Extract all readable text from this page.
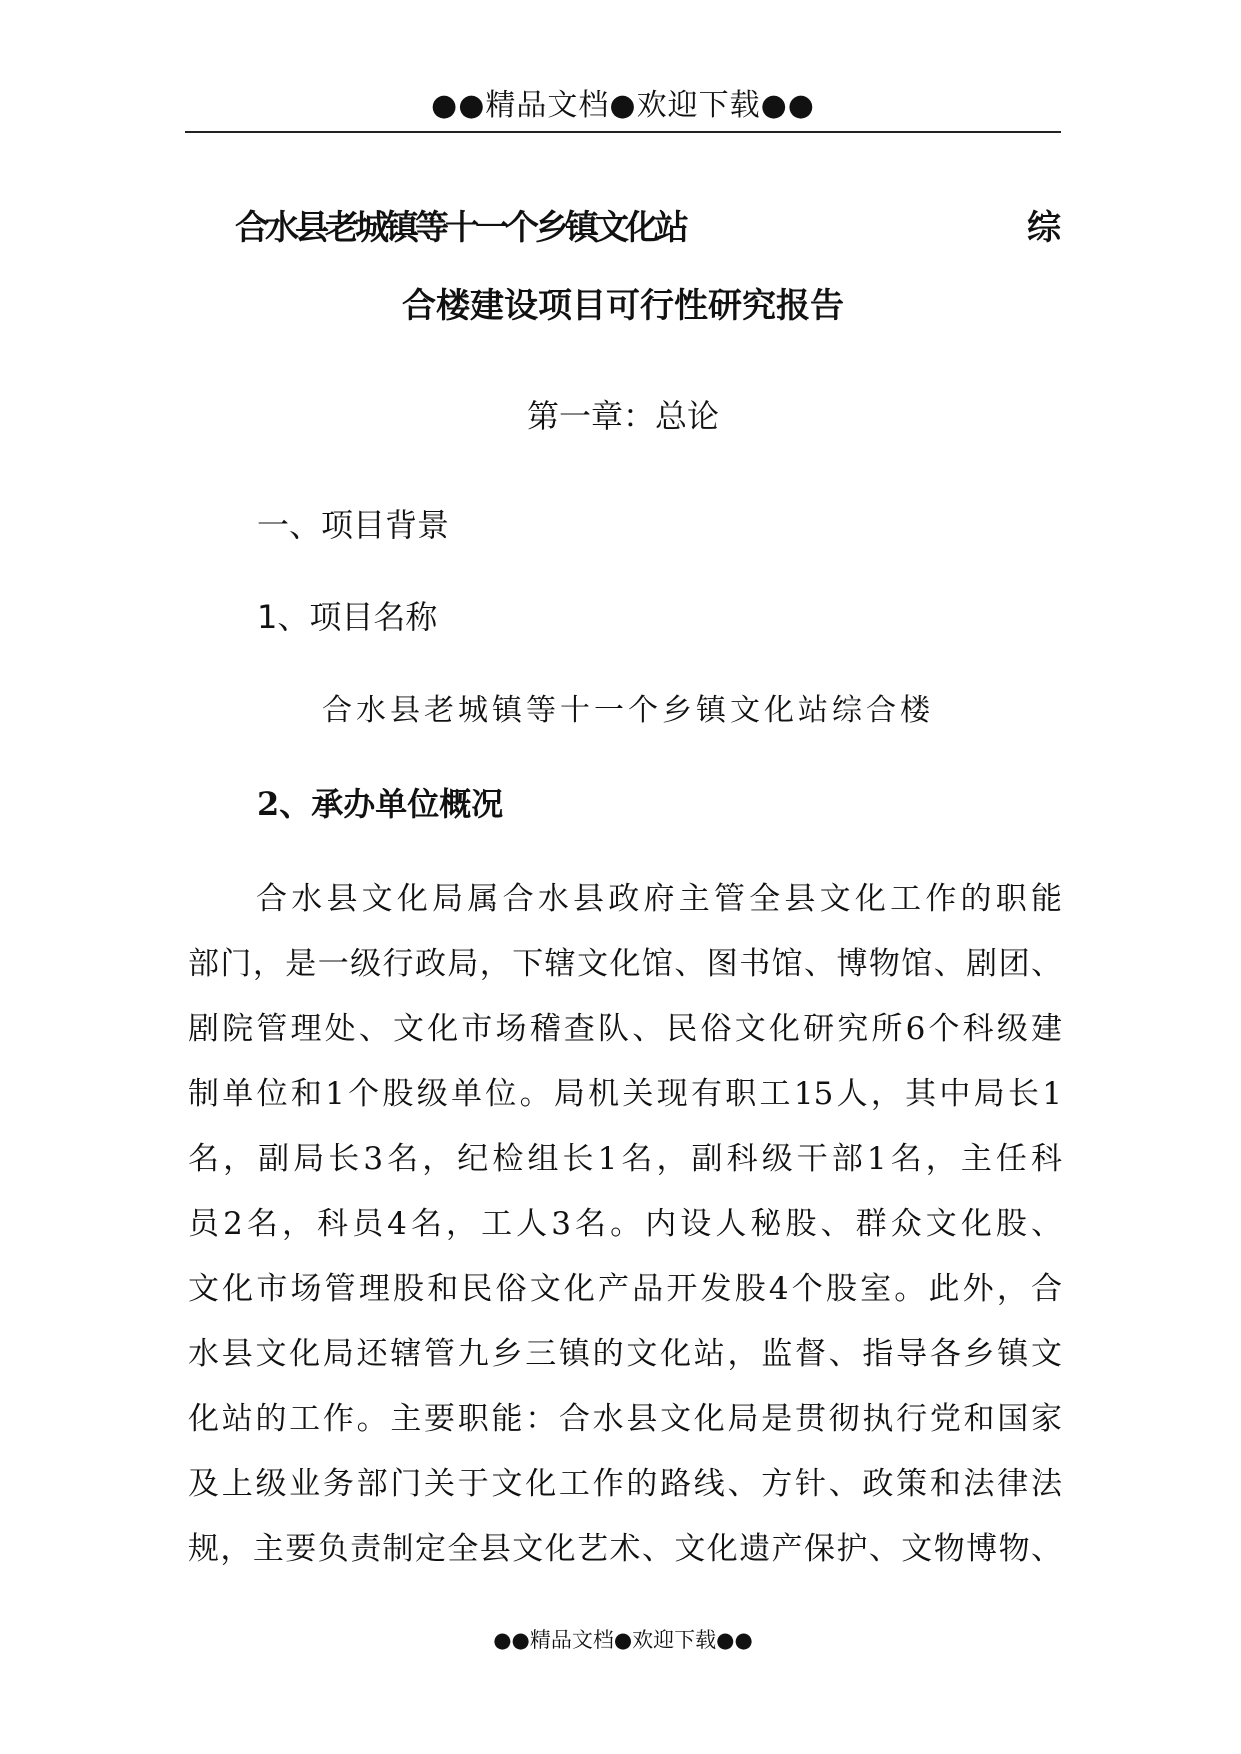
●●精品文档●欢迎下载●●
合水县老城镇等十一个乡镇文化站	综
合楼建设项目可行性研究报告
第一章：总论
一、项目背景
1、项目名称
合水县老城镇等十一个乡镇文化站综合楼
2、承办单位概况
合水县文化局属合水县政府主管全县文化工作的职能
部门，是一级行政局，下辖文化馆、图书馆、博物馆、剧团、
剧院管理处、文化市场稽查队、民俗文化研究所6个科级建
制单位和1个股级单位。局机关现有职工15人，其中局长1
名，副局长3名，纪检组长1名，副科级干部1名，主任科
员2名，科员4名，工人3名。内设人秘股、群众文化股、
文化市场管理股和民俗文化产品开发股4个股室。此外，合
水县文化局还辖管九乡三镇的文化站，监督、指导各乡镇文
化站的工作。主要职能：合水县文化局是贯彻执行党和国家
及上级业务部门关于文化工作的路线、方针、政策和法律法
规，主要负责制定全县文化艺术、文化遗产保护、文物博物、
●●精品文档●欢迎下载●●
